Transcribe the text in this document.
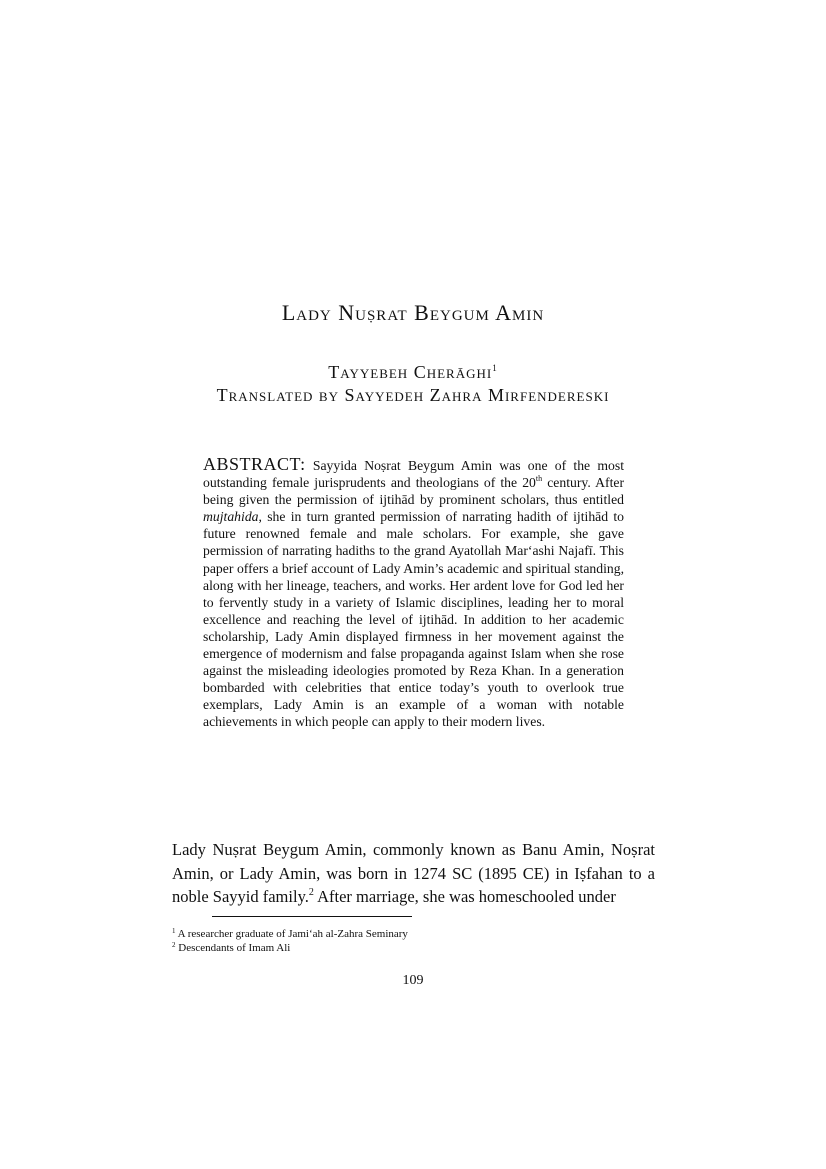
Lady Nuṣrat Beygum Amin
Tayyebeh Cherāghi$^1$
Translated by Sayyedeh Zahra Mirfendereski

ABSTRACT: Sayyida Noṣrat Beygum Amin was one of the most outstanding female jurisprudents and theologians of the 20th century. After being given the permission of ijtihād by prominent scholars, thus entitled mujtahida, she in turn granted permission of narrating hadith of ijtihād to future renowned female and male scholars. For example, she gave permission of narrating hadiths to the grand Ayatollah Mar‘ashi Najafī. This paper offers a brief account of Lady Amin’s academic and spiritual standing, along with her lineage, teachers, and works. Her ardent love for God led her to fervently study in a variety of Islamic disciplines, leading her to moral excellence and reaching the level of ijtihād. In addition to her academic scholarship, Lady Amin displayed firmness in her movement against the emergence of modernism and false propaganda against Islam when she rose against the misleading ideologies promoted by Reza Khan. In a generation bombarded with celebrities that entice today’s youth to overlook true exemplars, Lady Amin is an example of a woman with notable achievements in which people can apply to their modern lives.

Lady Nuṣrat Beygum Amin, commonly known as Banu Amin, Noṣrat Amin, or Lady Amin, was born in 1274 SC (1895 CE) in Iṣfahan to a noble Sayyid family.$^2$ After marriage, she was homeschooled under

$^1$ A researcher graduate of Jami‘ah al-Zahra Seminary
$^2$ Descendants of Imam Ali
109
